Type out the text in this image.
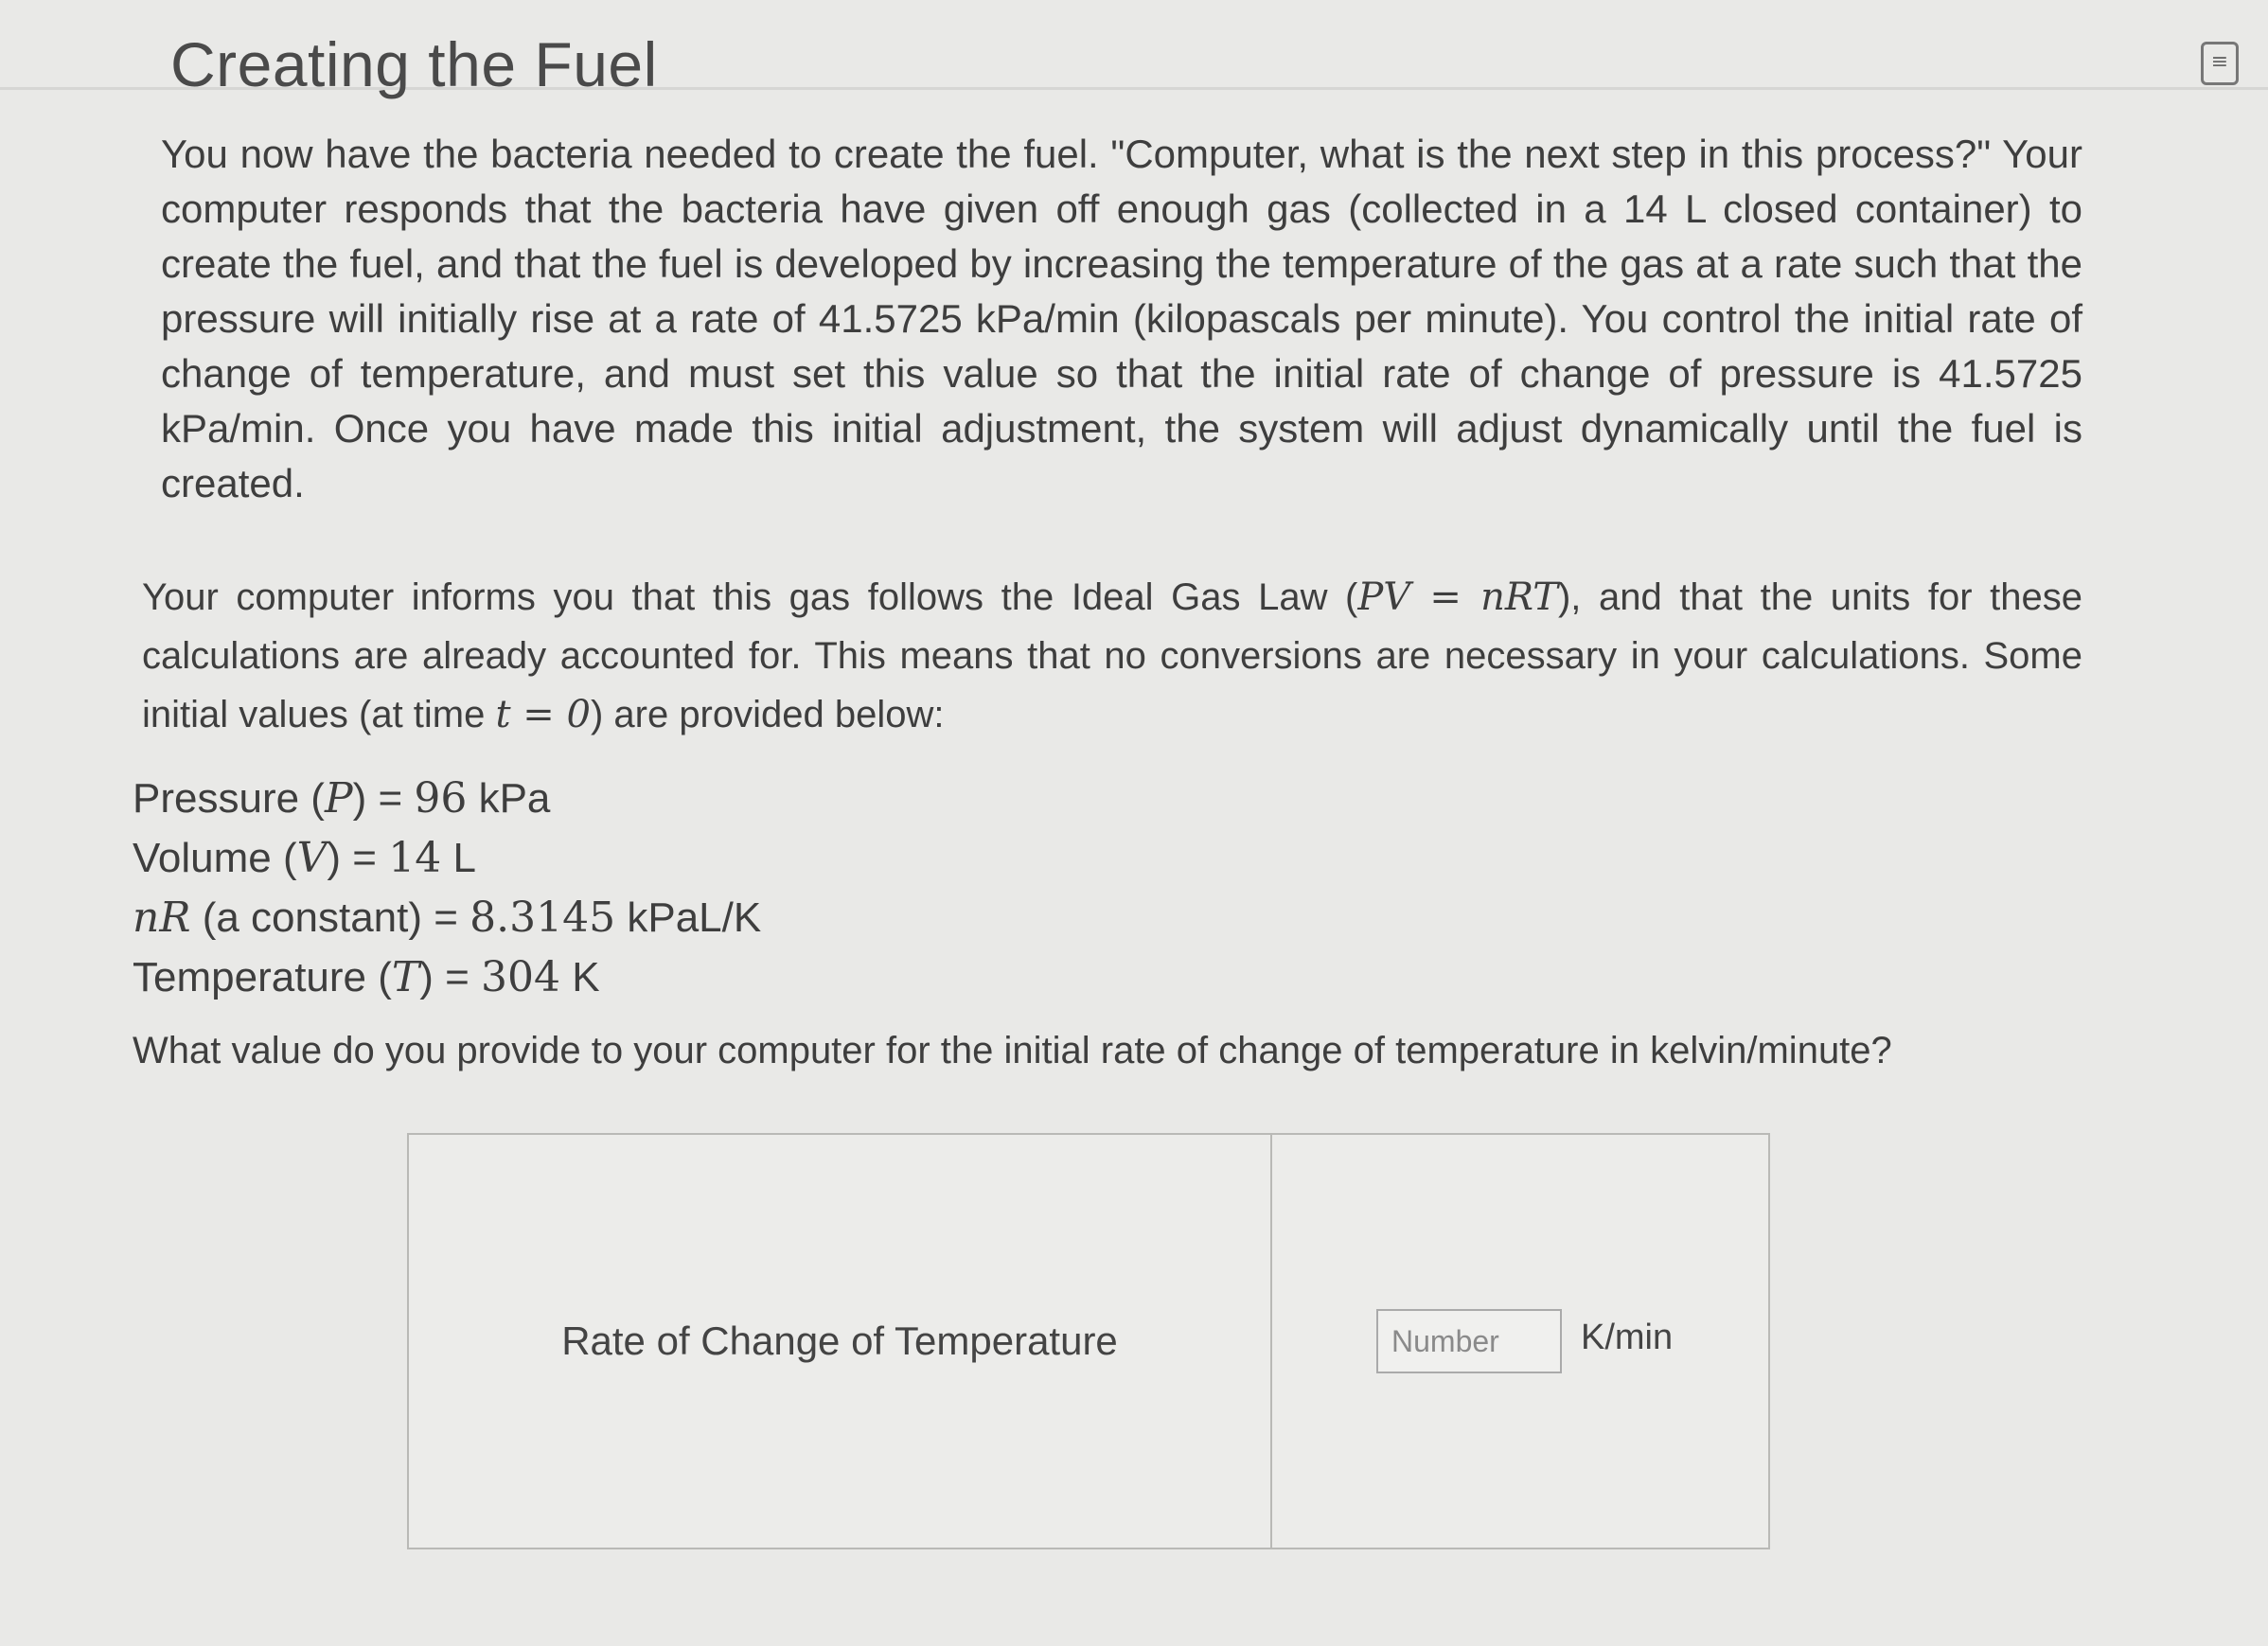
≡
Creating the Fuel

You now have the bacteria needed to create the fuel. "Computer, what is the next step in this process?" Your computer responds that the bacteria have given off enough gas (collected in a 14 L closed container) to create the fuel, and that the fuel is developed by increasing the temperature of the gas at a rate such that the pressure will initially rise at a rate of 41.5725 kPa/min (kilopascals per minute). You control the initial rate of change of temperature, and must set this value so that the initial rate of change of pressure is 41.5725 kPa/min. Once you have made this initial adjustment, the system will adjust dynamically until the fuel is created.

Your computer informs you that this gas follows the Ideal Gas Law (PV = nRT), and that the units for these calculations are already accounted for. This means that no conversions are necessary in your calculations. Some initial values (at time t = 0) are provided below:

Pressure (P) = 96 kPa
Volume (V) = 14 L
nR (a constant) = 8.3145 kPaL/K
Temperature (T) = 304 K

What value do you provide to your computer for the initial rate of change of temperature in kelvin/minute?

Rate of Change of Temperature
Number	K/min
